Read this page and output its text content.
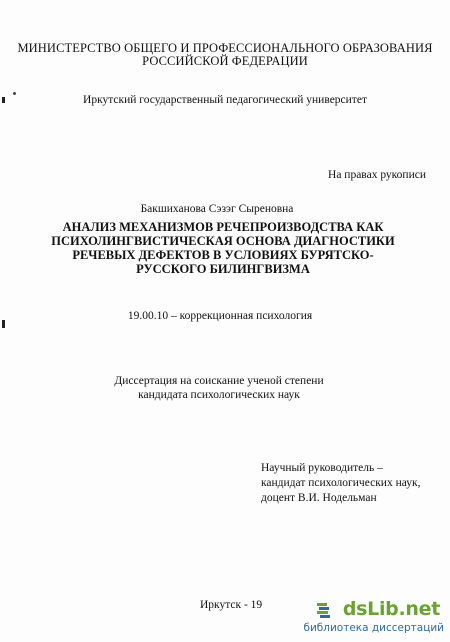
МИНИСТЕРСТВО ОБЩЕГО И ПРОФЕССИОНАЛЬНОГО ОБРАЗОВАНИЯ
РОССИЙСКОЙ ФЕДЕРАЦИИ
Иркутский государственный педагогический университет
На правах рукописи
Бакшиханова Сэзэг Сыреновна
АНАЛИЗ МЕХАНИЗМОВ РЕЧЕПРОИЗВОДСТВА КАК
ПСИХОЛИНГВИСТИЧЕСКАЯ ОСНОВА ДИАГНОСТИКИ
РЕЧЕВЫХ ДЕФЕКТОВ В УСЛОВИЯХ БУРЯТСКО-
РУССКОГО БИЛИНГВИЗМА
19.00.10 – коррекционная психология
Диссертация на соискание ученой степени
кандидата психологических наук
Научный руководитель –
кандидат психологических наук,
доцент В.И. Нодельман
Иркутск - 19	dsLib.net
библиотека диссертаций
